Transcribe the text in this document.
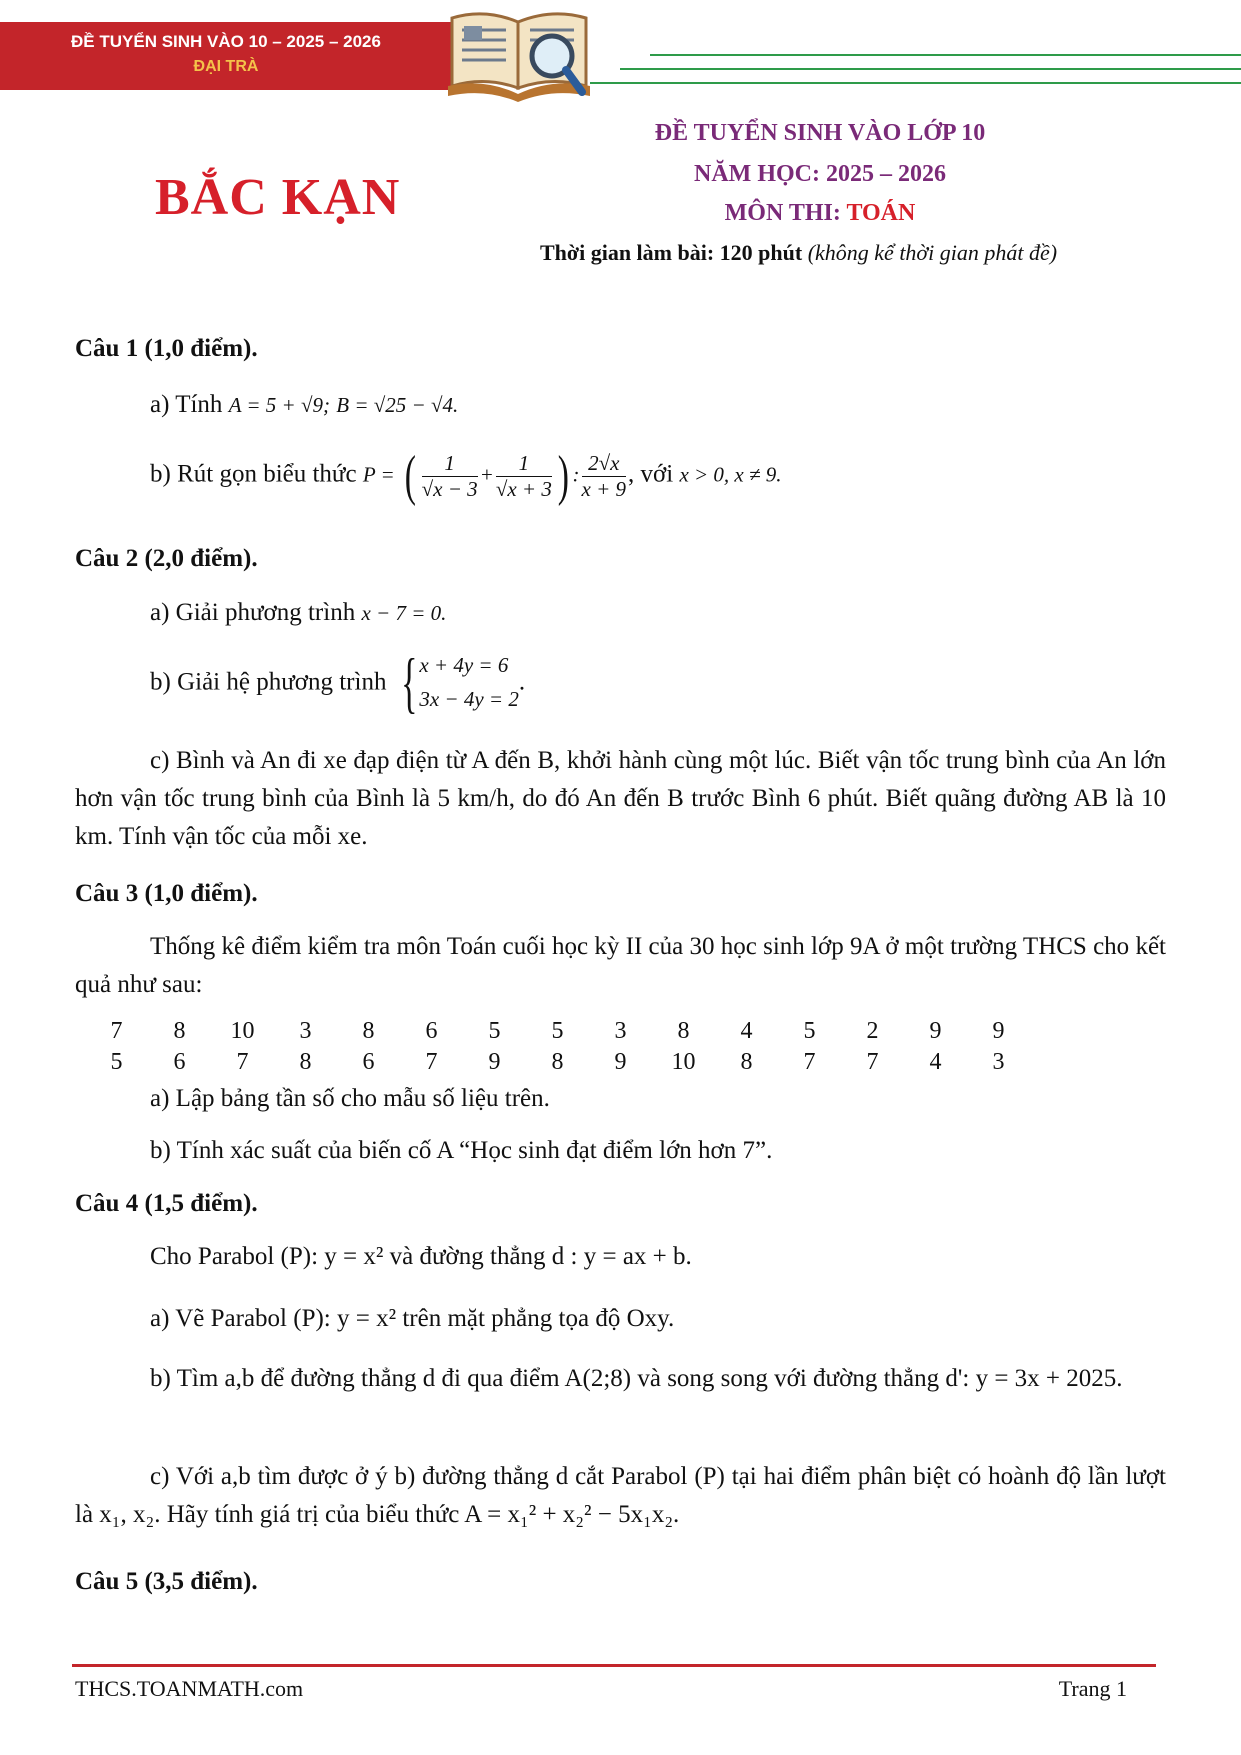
ĐỀ TUYỂN SINH VÀO 10 – 2025 – 2026
ĐẠI TRÀ
BẮC KẠN
ĐỀ TUYỂN SINH VÀO LỚP 10
NĂM HỌC: 2025 – 2026
MÔN THI: TOÁN
Thời gian làm bài: 120 phút (không kể thời gian phát đề)
Câu 1 (1,0 điểm).
a) Tính A = 5 + √9; B = √25 − √4.
b) Rút gọn biểu thức P = ( $\frac{1}{√x - 3} + \frac{1}{√x + 3}$ ) : $\frac{2√x}{x + 9}$ , với x > 0, x ≠ 9.
Câu 2 (2,0 điểm).
a) Giải phương trình x − 7 = 0.
b) Giải hệ phương trình { x + 4y = 6
3x − 4y = 2
.
c) Bình và An đi xe đạp điện từ A đến B, khởi hành cùng một lúc. Biết vận tốc trung bình của An lớn hơn vận tốc trung bình của Bình là 5 km/h, do đó An đến B trước Bình 6 phút. Biết quãng đường AB là 10 km. Tính vận tốc của mỗi xe.
Câu 3 (1,0 điểm).
Thống kê điểm kiểm tra môn Toán cuối học kỳ II của 30 học sinh lớp 9A ở một trường THCS cho kết quả như sau:
7	8	10	3	8	6	5	5	3	8	4	5	2	9	9
5	6	7	8	6	7	9	8	9	10	8	7	7	4	3
a) Lập bảng tần số cho mẫu số liệu trên.
b) Tính xác suất của biến cố A “Học sinh đạt điểm lớn hơn 7”.
Câu 4 (1,5 điểm).
Cho Parabol (P): y = x² và đường thẳng d : y = ax + b.
a) Vẽ Parabol (P): y = x² trên mặt phẳng tọa độ Oxy.
b) Tìm a,b để đường thẳng d đi qua điểm A(2;8) và song song với đường thẳng d': y = 3x + 2025.
c) Với a,b tìm được ở ý b) đường thẳng d cắt Parabol (P) tại hai điểm phân biệt có hoành độ lần lượt là x₁, x₂. Hãy tính giá trị của biểu thức A = x₁² + x₂² − 5x₁x₂.
Câu 5 (3,5 điểm).
THCS.TOANMATH.com	Trang 1
